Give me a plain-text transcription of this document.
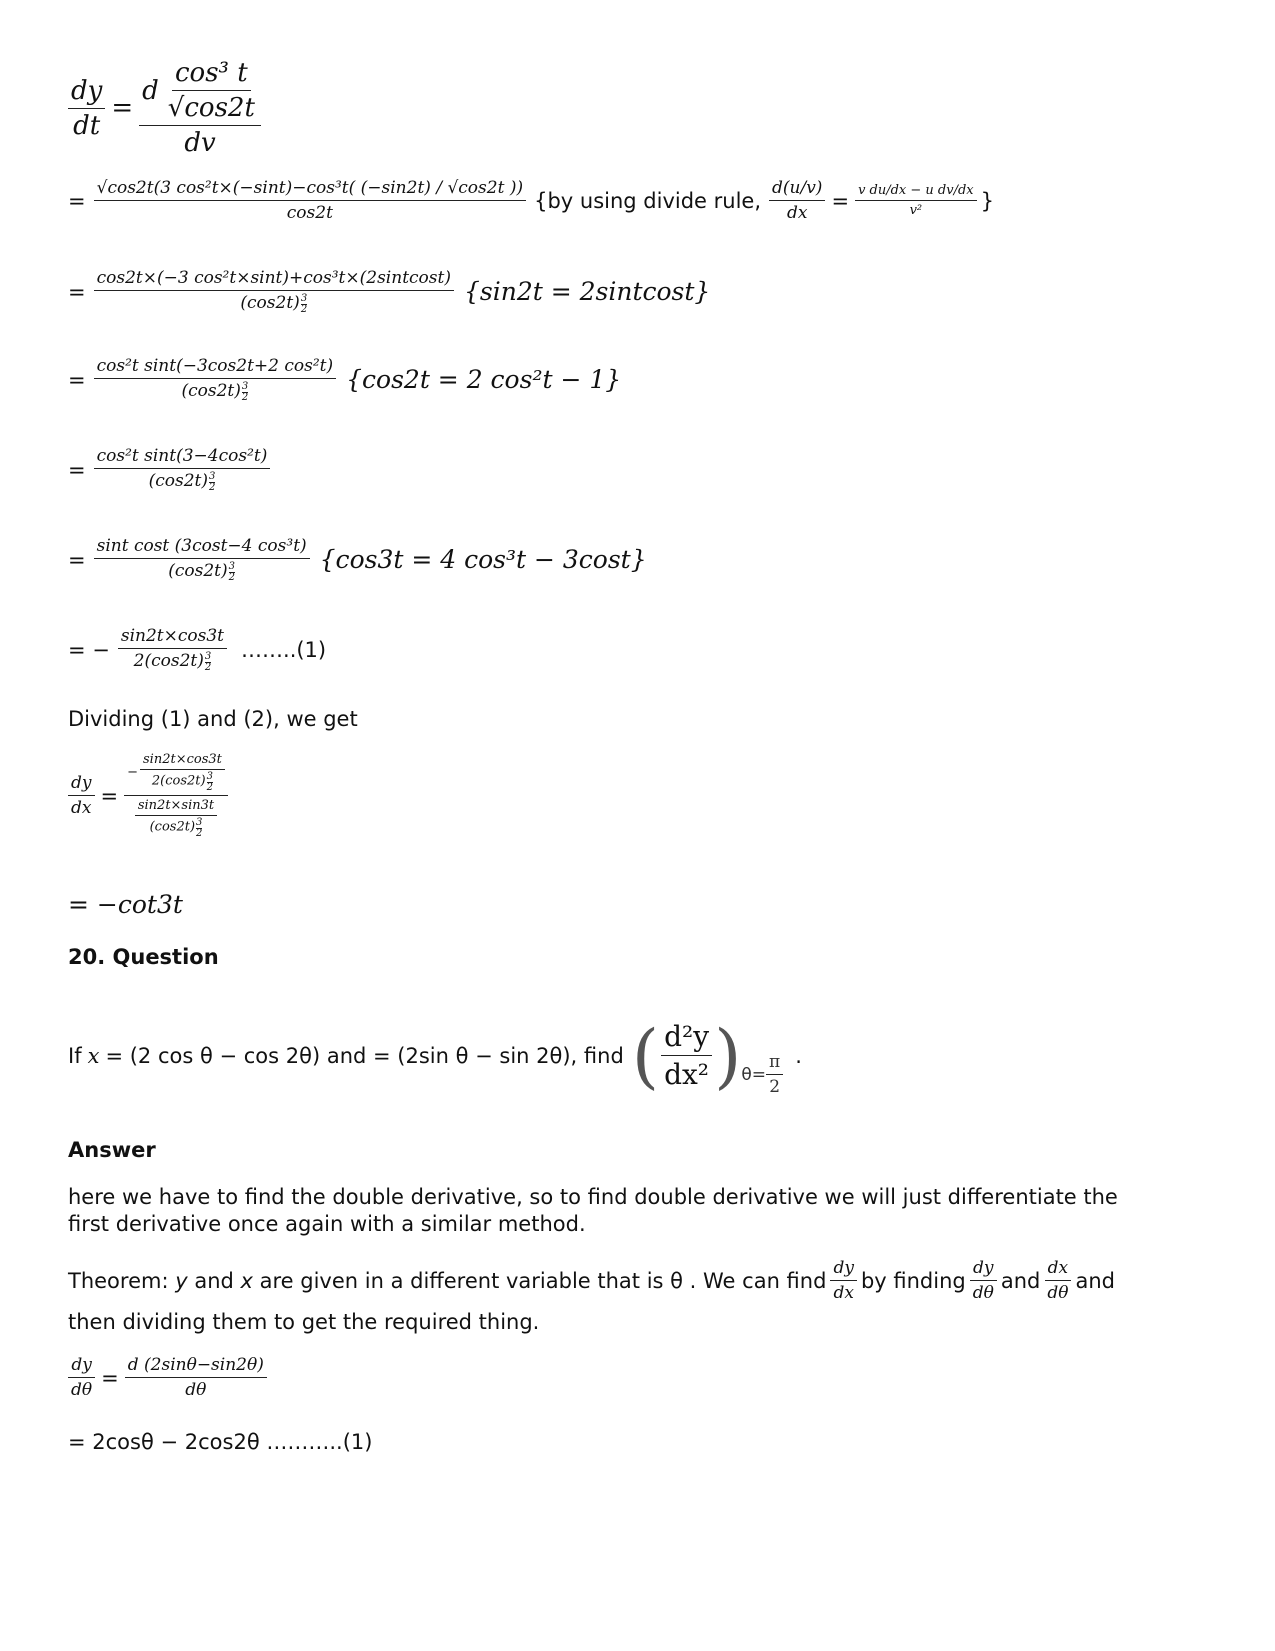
$\frac{dy}{dt} = \frac{d \frac{\text{cos³ t}}{√\cos 2t}}{dv}$
= $\frac{\text{√cos2t(3 cos²t×(−sint)−cos³t( (−sin2t) / √cos2t ))}}{\cos 2t} \{by$ using divide rule, $\frac{d(u/v)}{dx} = \frac{\text{v du/dx − u dv/dx}}{\text{v²}}$ }
= $\frac{\text{cos2t×(−3 cos²t×sint)+cos³t×(2sintcost)}}{(\cos 2t) \frac{3}{2}} \{\sin 2t$ = 2sintcost}
= $\frac{\text{cos²t sint(−3cos2t+2 cos²t)}}{(\cos 2t) \frac{3}{2}} \{\cos 2t = 2$ cos²t − 1}
= $\frac{\text{cos²t sint(3−4cos²t)}}{(\cos 2t) \frac{3}{2}}$
= $\frac{\text{sint cost (3cost−4 cos³t)}}{(\cos 2t) \frac{3}{2}} \{\cos 3t = 4$ cos³t − 3cost}
= − $\frac{\sin 2t\times\cos 3t}{2(\cos 2t) \frac{3}{2}}$ ……..(1)
Dividing (1) and (2), we get
$\frac{dy}{dx} = \frac{- \frac{\sin 2t\times\cos 3t}{2(\cos 2t) \frac{3}{2}}}{\frac{\sin 2t\times\sin 3t}{(\cos 2t) \frac{3}{2}}}$
= −cot3t
20. Question
If 𝑥 = (2 cos θ − cos 2θ) and = (2sin θ − sin 2θ), find ( $\frac{\text{d²y}}{\text{dx²}}$ ) $\theta= \frac{\pi}{2}$ .
Answer
here we have to find the double derivative, so to find double derivative we will just differentiate the first derivative once again with a similar method.
Theorem: y and x are given in a different variable that is θ . We can find $\frac{dy}{dx}$ by finding $\frac{dy}{d\theta}$ and $\frac{dx}{d\theta}$ and
then dividing them to get the required thing.
$\frac{dy}{d\theta} = \frac{d (2\sin\theta-\sin 2\theta)}{d\theta}$
= 2cosθ − 2cos2θ ………..(1)
